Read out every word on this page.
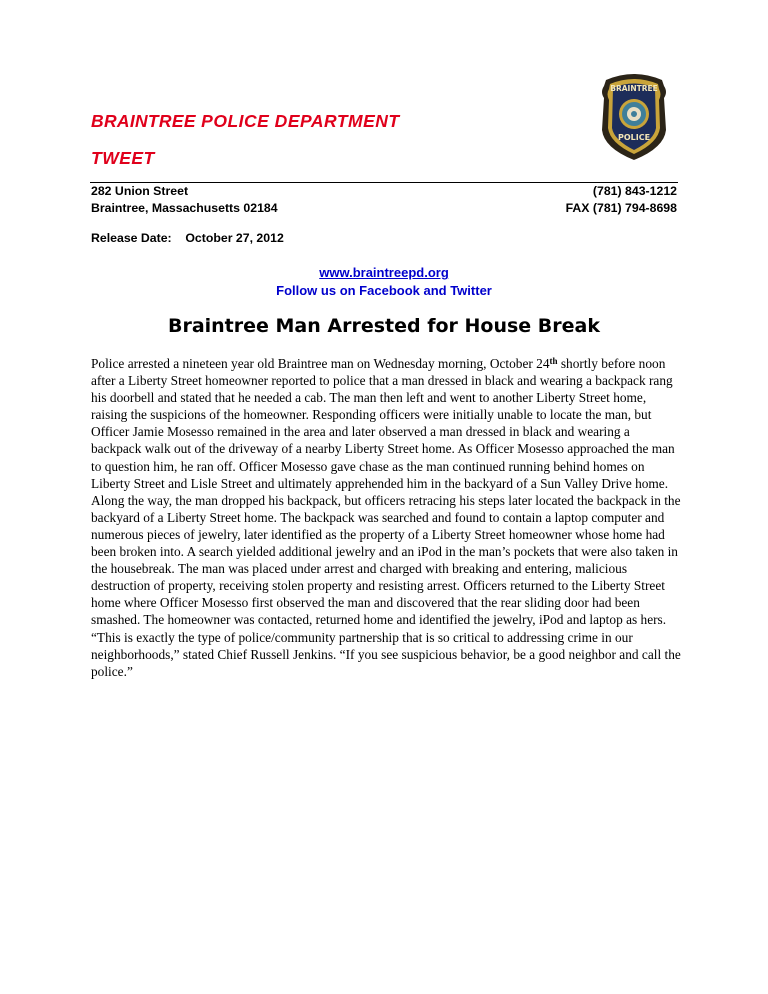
BRAINTREE POLICE DEPARTMENT
TWEET
BRAINTREE
POLICE
282 Union Street
Braintree, Massachusetts 02184
(781) 843-1212
FAX (781) 794-8698
Release Date: October 27, 2012
www.braintreepd.org
Follow us on Facebook and Twitter
Braintree Man Arrested for House Break
Police arrested a nineteen year old Braintree man on Wednesday morning, October 24th shortly before noon after a Liberty Street homeowner reported to police that a man dressed in black and wearing a backpack rang his doorbell and stated that he needed a cab. The man then left and went to another Liberty Street home, raising the suspicions of the homeowner. Responding officers were initially unable to locate the man, but Officer Jamie Mosesso remained in the area and later observed a man dressed in black and wearing a backpack walk out of the driveway of a nearby Liberty Street home. As Officer Mosesso approached the man to question him, he ran off. Officer Mosesso gave chase as the man continued running behind homes on Liberty Street and Lisle Street and ultimately apprehended him in the backyard of a Sun Valley Drive home. Along the way, the man dropped his backpack, but officers retracing his steps later located the backpack in the backyard of a Liberty Street home. The backpack was searched and found to contain a laptop computer and numerous pieces of jewelry, later identified as the property of a Liberty Street homeowner whose home had been broken into. A search yielded additional jewelry and an iPod in the man’s pockets that were also taken in the housebreak. The man was placed under arrest and charged with breaking and entering, malicious destruction of property, receiving stolen property and resisting arrest. Officers returned to the Liberty Street home where Officer Mosesso first observed the man and discovered that the rear sliding door had been smashed. The homeowner was contacted, returned home and identified the jewelry, iPod and laptop as hers. “This is exactly the type of police/community partnership that is so critical to addressing crime in our neighborhoods,” stated Chief Russell Jenkins. “If you see suspicious behavior, be a good neighbor and call the police.”
